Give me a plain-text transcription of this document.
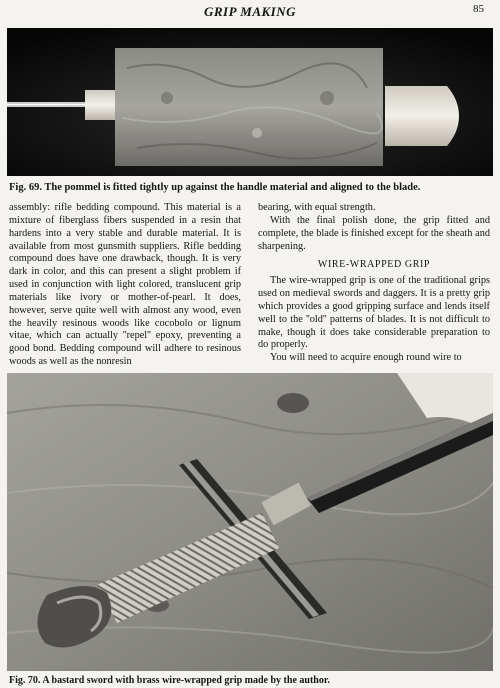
GRIP MAKING	85
Fig. 69. The pommel is fitted tightly up against the handle material and aligned to the blade.

assembly: rifle bedding compound. This material is a mixture of fiberglass fibers suspended in a resin that hardens into a very stable and durable material. It is available from most gunsmith suppliers. Rifle bedding compound does have one drawback, though. It is very dark in color, and this can present a slight problem if used in conjunction with light colored, translucent grip materials like ivory or mother-of-pearl. It does, however, serve quite well with almost any wood, even the heavily resinous woods like cocobolo or lignum vitae, which can actually ''repel'' epoxy, preventing a good bond. Bedding compound will adhere to resinous woods as well as the nonresin

bearing, with equal strength.

With the final polish done, the grip fitted and complete, the blade is finished except for the sheath and sharpening.

WIRE-WRAPPED GRIP

The wire-wrapped grip is one of the traditional grips used on medieval swords and daggers. It is a pretty grip which provides a good gripping surface and lends itself well to the ''old'' patterns of blades. It is not difficult to make, though it does take considerable preparation to do properly.

You will need to acquire enough round wire to

Fig. 70. A bastard sword with brass wire-wrapped grip made by the author.
